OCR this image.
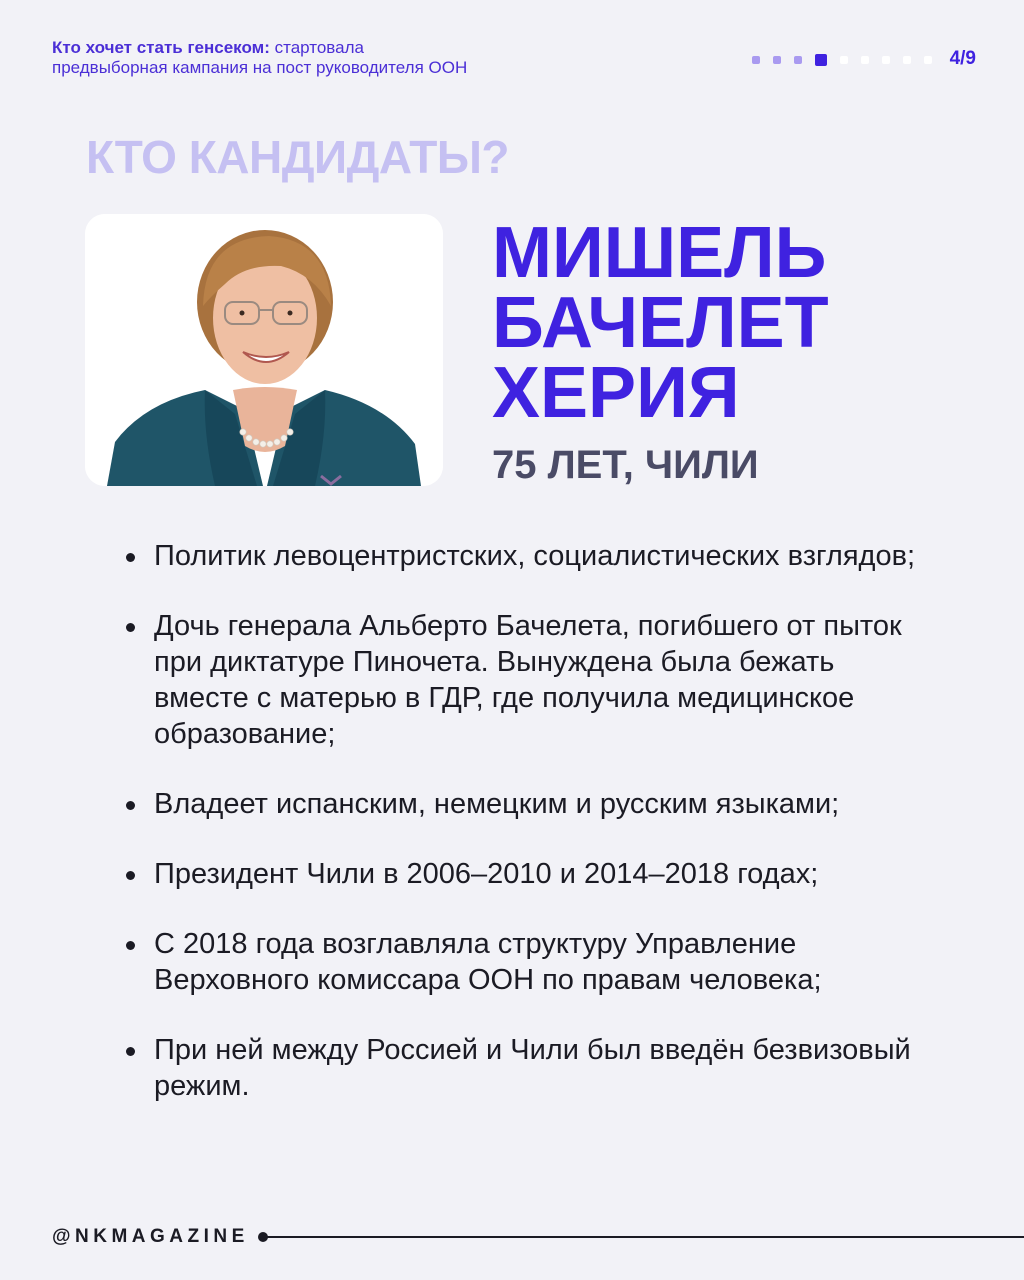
Кто хочет стать генсеком: стартовала
предвыборная кампания на пост руководителя ООН	4/9
КТО КАНДИДАТЫ?
МИШЕЛЬ
БАЧЕЛЕТ
ХЕРИЯ
75 ЛЕТ, ЧИЛИ
Политик левоцентристских, социалистических взглядов;
Дочь генерала Альберто Бачелета, погибшего от пыток при диктатуре Пиночета. Вынуждена была бежать вместе с матерью в ГДР, где получила медицинское образование;
Владеет испанским, немецким и русским языками;
Президент Чили в 2006–2010 и 2014–2018 годах;
С 2018 года возглавляла структуру Управление Верховного комиссара ООН по правам человека;
При ней между Россией и Чили был введён безвизовый режим.
@NKMAGAZINE
